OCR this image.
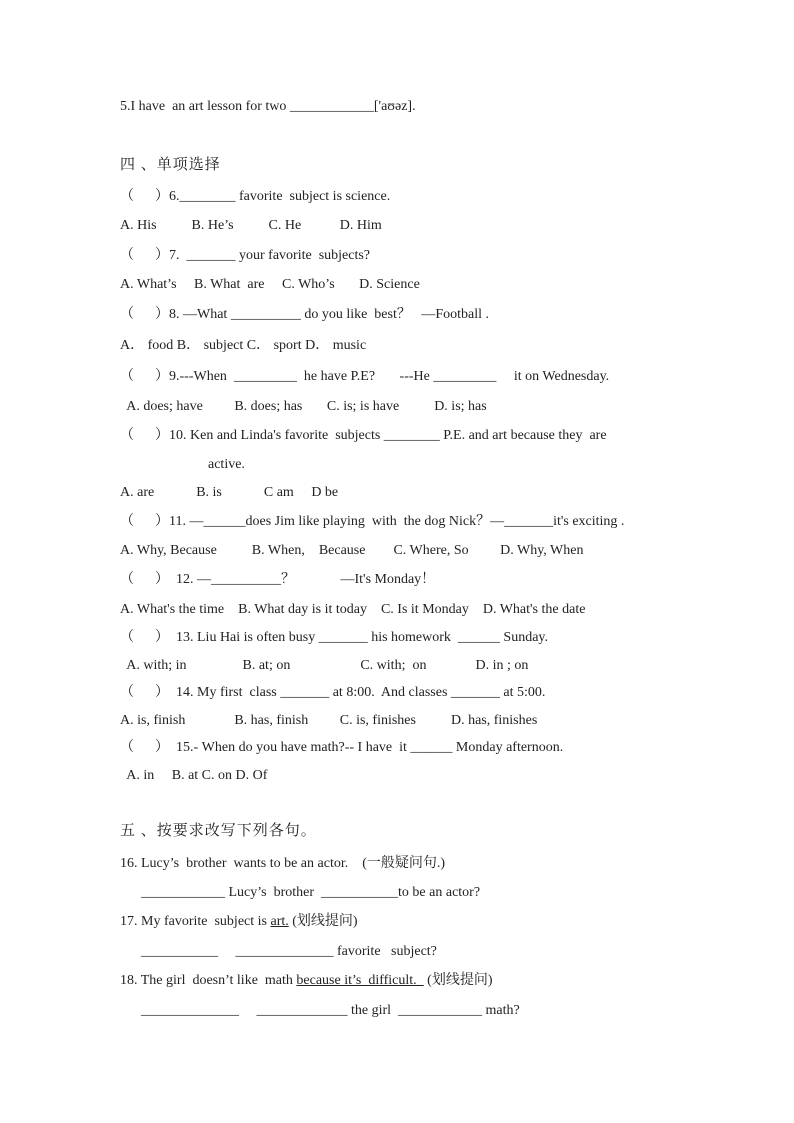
5.I have  an art lesson for two ____________['aʊəz].
四 、单项选择
（      ）6.________ favorite  subject is science.
A. His          B. He’s          C. He           D. Him
（      ）7.  _______ your favorite  subjects?
A. What’s     B. What  are     C. Who’s       D. Science
（      ）8. —What __________ do you like  best？   —Football .
A． food B． subject C． sport D． music
（      ）9.---When  _________  he have P.E?       ---He _________     it on Wednesday.
A. does; have         B. does; has       C. is; is have          D. is; has
（      ）10. Ken and Linda's favorite  subjects ________ P.E. and art because they  are
active.
A. are            B. is            C am     D be
（      ）11. —______does Jim like playing  with  the dog Nick？—_______it's exciting .
A. Why, Because          B. When,    Because        C. Where, So         D. Why, When
（      ）  12. —__________？             —It's Monday！
A. What's the time    B. What day is it today    C. Is it Monday    D. What's the date
（      ）  13. Liu Hai is often busy _______ his homework  ______ Sunday.
A. with; in                B. at; on                    C. with;  on              D. in ; on
（      ）  14. My first  class _______ at 8:00.  And classes _______ at 5:00.
A. is, finish              B. has, finish         C. is, finishes          D. has, finishes
（      ）  15.- When do you have math?-- I have  it ______ Monday afternoon.
A. in     B. at C. on D. Of
五 、按要求改写下列各句。
16. Lucy’s  brother  wants to be an actor.    (一般疑问句.)
____________ Lucy’s  brother  ___________to be an actor?
17. My favorite  subject is art. (划线提问)
___________     ______________ favorite   subject?
18. The girl  doesn’t like  math because it’s  difficult.   (划线提问)
______________     _____________ the girl  ____________ math?
